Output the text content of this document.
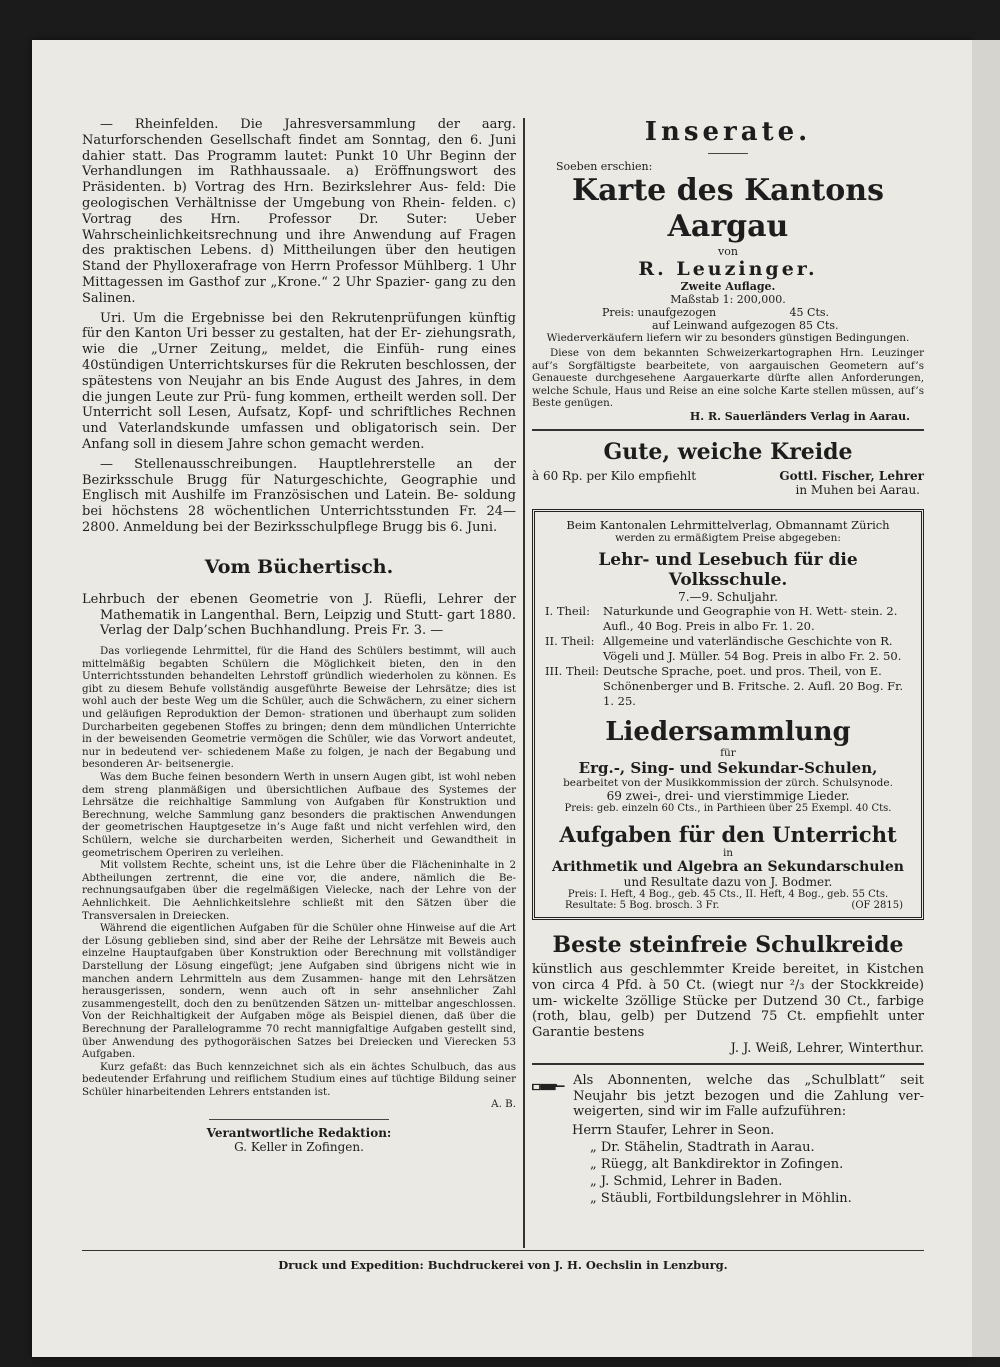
— Rheinfelden. Die Jahresversammlung der aarg. Naturforschenden Gesellschaft findet am Sonntag, den 6. Juni dahier statt. Das Programm lautet: Punkt 10 Uhr Beginn der Verhandlungen im Rathhaussaale. a) Eröffnungswort des Präsidenten. b) Vortrag des Hrn. Bezirkslehrer Aus- feld: Die geologischen Verhältnisse der Umgebung von Rhein- felden. c) Vortrag des Hrn. Professor Dr. Suter: Ueber Wahrscheinlichkeitsrechnung und ihre Anwendung auf Fragen des praktischen Lebens. d) Mittheilungen über den heutigen Stand der Phylloxerafrage von Herrn Professor Mühlberg. 1 Uhr Mittagessen im Gasthof zur „Krone.“ 2 Uhr Spazier- gang zu den Salinen.

Uri. Um die Ergebnisse bei den Rekrutenprüfungen künftig für den Kanton Uri besser zu gestalten, hat der Er- ziehungsrath, wie die „Urner Zeitung„ meldet, die Einfüh- rung eines 40stündigen Unterrichtskurses für die Rekruten beschlossen, der spätestens von Neujahr an bis Ende August des Jahres, in dem die jungen Leute zur Prü- fung kommen, ertheilt werden soll. Der Unterricht soll Lesen, Aufsatz, Kopf- und schriftliches Rechnen und Vaterlandskunde umfassen und obligatorisch sein. Der Anfang soll in diesem Jahre schon gemacht werden.

— Stellenausschreibungen. Hauptlehrerstelle an der Bezirksschule Brugg für Naturgeschichte, Geographie und Englisch mit Aushilfe im Französischen und Latein. Be- soldung bei höchstens 28 wöchentlichen Unterrichtsstunden Fr. 24—2800. Anmeldung bei der Bezirksschulpflege Brugg bis 6. Juni.

Vom Büchertisch.

Lehrbuch der ebenen Geometrie von J. Rüefli, Lehrer der Mathematik in Langenthal. Bern, Leipzig und Stutt- gart 1880. Verlag der Dalp’schen Buchhandlung. Preis Fr. 3. —

Das vorliegende Lehrmittel, für die Hand des Schülers bestimmt, will auch mittelmäßig begabten Schülern die Möglichkeit bieten, den in den Unterrichtsstunden behandelten Lehrstoff gründlich wiederholen zu können. Es gibt zu diesem Behufe vollständig ausgeführte Beweise der Lehrsätze; dies ist wohl auch der beste Weg um die Schüler, auch die Schwächern, zu einer sichern und geläufigen Reproduktion der Demon- strationen und überhaupt zum soliden Durcharbeiten gegebenen Stoffes zu bringen; denn dem mündlichen Unterrichte in der beweisenden Geometrie vermögen die Schüler, wie das Vorwort andeutet, nur in bedeutend ver- schiedenem Maße zu folgen, je nach der Begabung und besonderen Ar- beitsenergie.

Was dem Buche feinen besondern Werth in unsern Augen gibt, ist wohl neben dem streng planmäßigen und übersichtlichen Aufbaue des Systemes der Lehrsätze die reichhaltige Sammlung von Aufgaben für Konstruktion und Berechnung, welche Sammlung ganz besonders die praktischen Anwendungen der geometrischen Hauptgesetze in’s Auge faßt und nicht verfehlen wird, den Schülern, welche sie durcharbeiten werden, Sicherheit und Gewandtheit in geometrischem Operiren zu verleihen.

Mit vollstem Rechte, scheint uns, ist die Lehre über die Flächeninhalte in 2 Abtheilungen zertrennt, die eine vor, die andere, nämlich die Be- rechnungsaufgaben über die regelmäßigen Vielecke, nach der Lehre von der Aehnlichkeit. Die Aehnlichkeitslehre schließt mit den Sätzen über die Transversalen in Dreiecken.

Während die eigentlichen Aufgaben für die Schüler ohne Hinweise auf die Art der Lösung geblieben sind, sind aber der Reihe der Lehrsätze mit Beweis auch einzelne Hauptaufgaben über Konstruktion oder Berechnung mit vollständiger Darstellung der Lösung eingefügt; jene Aufgaben sind übrigens nicht wie in manchen andern Lehrmitteln aus dem Zusammen- hange mit den Lehrsätzen herausgerissen, sondern, wenn auch oft in sehr ansehnlicher Zahl zusammengestellt, doch den zu benützenden Sätzen un- mittelbar angeschlossen. Von der Reichhaltigkeit der Aufgaben möge als Beispiel dienen, daß über die Berechnung der Parallelogramme 70 recht mannigfaltige Aufgaben gestellt sind, über Anwendung des pythogoräischen Satzes bei Dreiecken und Vierecken 53 Aufgaben.

Kurz gefaßt: das Buch kennzeichnet sich als ein ächtes Schulbuch, das aus bedeutender Erfahrung und reiflichem Studium eines auf tüchtige Bildung seiner Schüler hinarbeitenden Lehrers entstanden ist.

A. B.
Verantwortliche Redaktion:
G. Keller in Zofingen.
Inserate.
Soeben erschien:
Karte des Kantons Aargau
von
R. Leuzinger.
Zweite Auflage.
Maßstab 1: 200,000.
Preis: unaufgezogen	45 Cts.
auf Leinwand aufgezogen 85 Cts.
Wiederverkäufern liefern wir zu besonders günstigen Bedingungen.

Diese von dem bekannten Schweizerkartographen Hrn. Leuzinger auf’s Sorgfältigste bearbeitete, von aargauischen Geometern auf’s Genaueste durchgesehene Aargauerkarte dürfte allen Anforderungen, welche Schule, Haus und Reise an eine solche Karte stellen müssen, auf’s Beste genügen.

H. R. Sauerländers Verlag in Aarau.
Gute, weiche Kreide
à 60 Rp. per Kilo empfiehlt	Gottl. Fischer, Lehrer
in Muhen bei Aarau.
Beim Kantonalen Lehrmittelverlag, Obmannamt Zürich
werden zu ermäßigtem Preise abgegeben:
Lehr- und Lesebuch für die Volksschule.
7.—9. Schuljahr.
I. Theil:	Naturkunde und Geographie von H. Wett- stein. 2. Aufl., 40 Bog. Preis in albo Fr. 1. 20.
II. Theil: Allgemeine und vaterländische Geschichte von R. Vögeli und J. Müller. 54 Bog. Preis in albo Fr. 2. 50.
III. Theil: Deutsche Sprache, poet. und pros. Theil, von E. Schönenberger und B. Fritsche. 2. Aufl. 20 Bog. Fr. 1. 25.
Liedersammlung
für
Erg.-, Sing- und Sekundar-Schulen,
bearbeitet von der Musikkommission der zürch. Schulsynode.
69 zwei-, drei- und vierstimmige Lieder.
Preis: geb. einzeln 60 Cts., in Parthieen über 25 Exempl. 40 Cts.
Aufgaben für den Unterricht
in
Arithmetik und Algebra an Sekundarschulen
und Resultate dazu von J. Bodmer.
Preis: I. Heft, 4 Bog., geb. 45 Cts., II. Heft, 4 Bog., geb. 55 Cts.
Resultate: 5 Bog. brosch. 3 Fr.	(OF 2815)
Beste steinfreie Schulkreide

künstlich aus geschlemmter Kreide bereitet, in Kistchen von circa 4 Pfd. à 50 Ct. (wiegt nur ²/₃ der Stockkreide) um- wickelte 3zöllige Stücke per Dutzend 30 Ct., farbige (roth, blau, gelb) per Dutzend 75 Ct. empfiehlt unter Garantie bestens

J. J. Weiß, Lehrer, Winterthur.

Als Abonnenten, welche das „Schulblatt“ seit Neujahr bis jetzt bezogen und die Zahlung ver- weigerten, sind wir im Falle aufzuführen:

Herrn Staufer, Lehrer in Seon.
„ Dr. Stähelin, Stadtrath in Aarau.
„ Rüegg, alt Bankdirektor in Zofingen.
„ J. Schmid, Lehrer in Baden.
„ Stäubli, Fortbildungslehrer in Möhlin.
Druck und Expedition: Buchdruckerei von J. H. Oechslin in Lenzburg.
